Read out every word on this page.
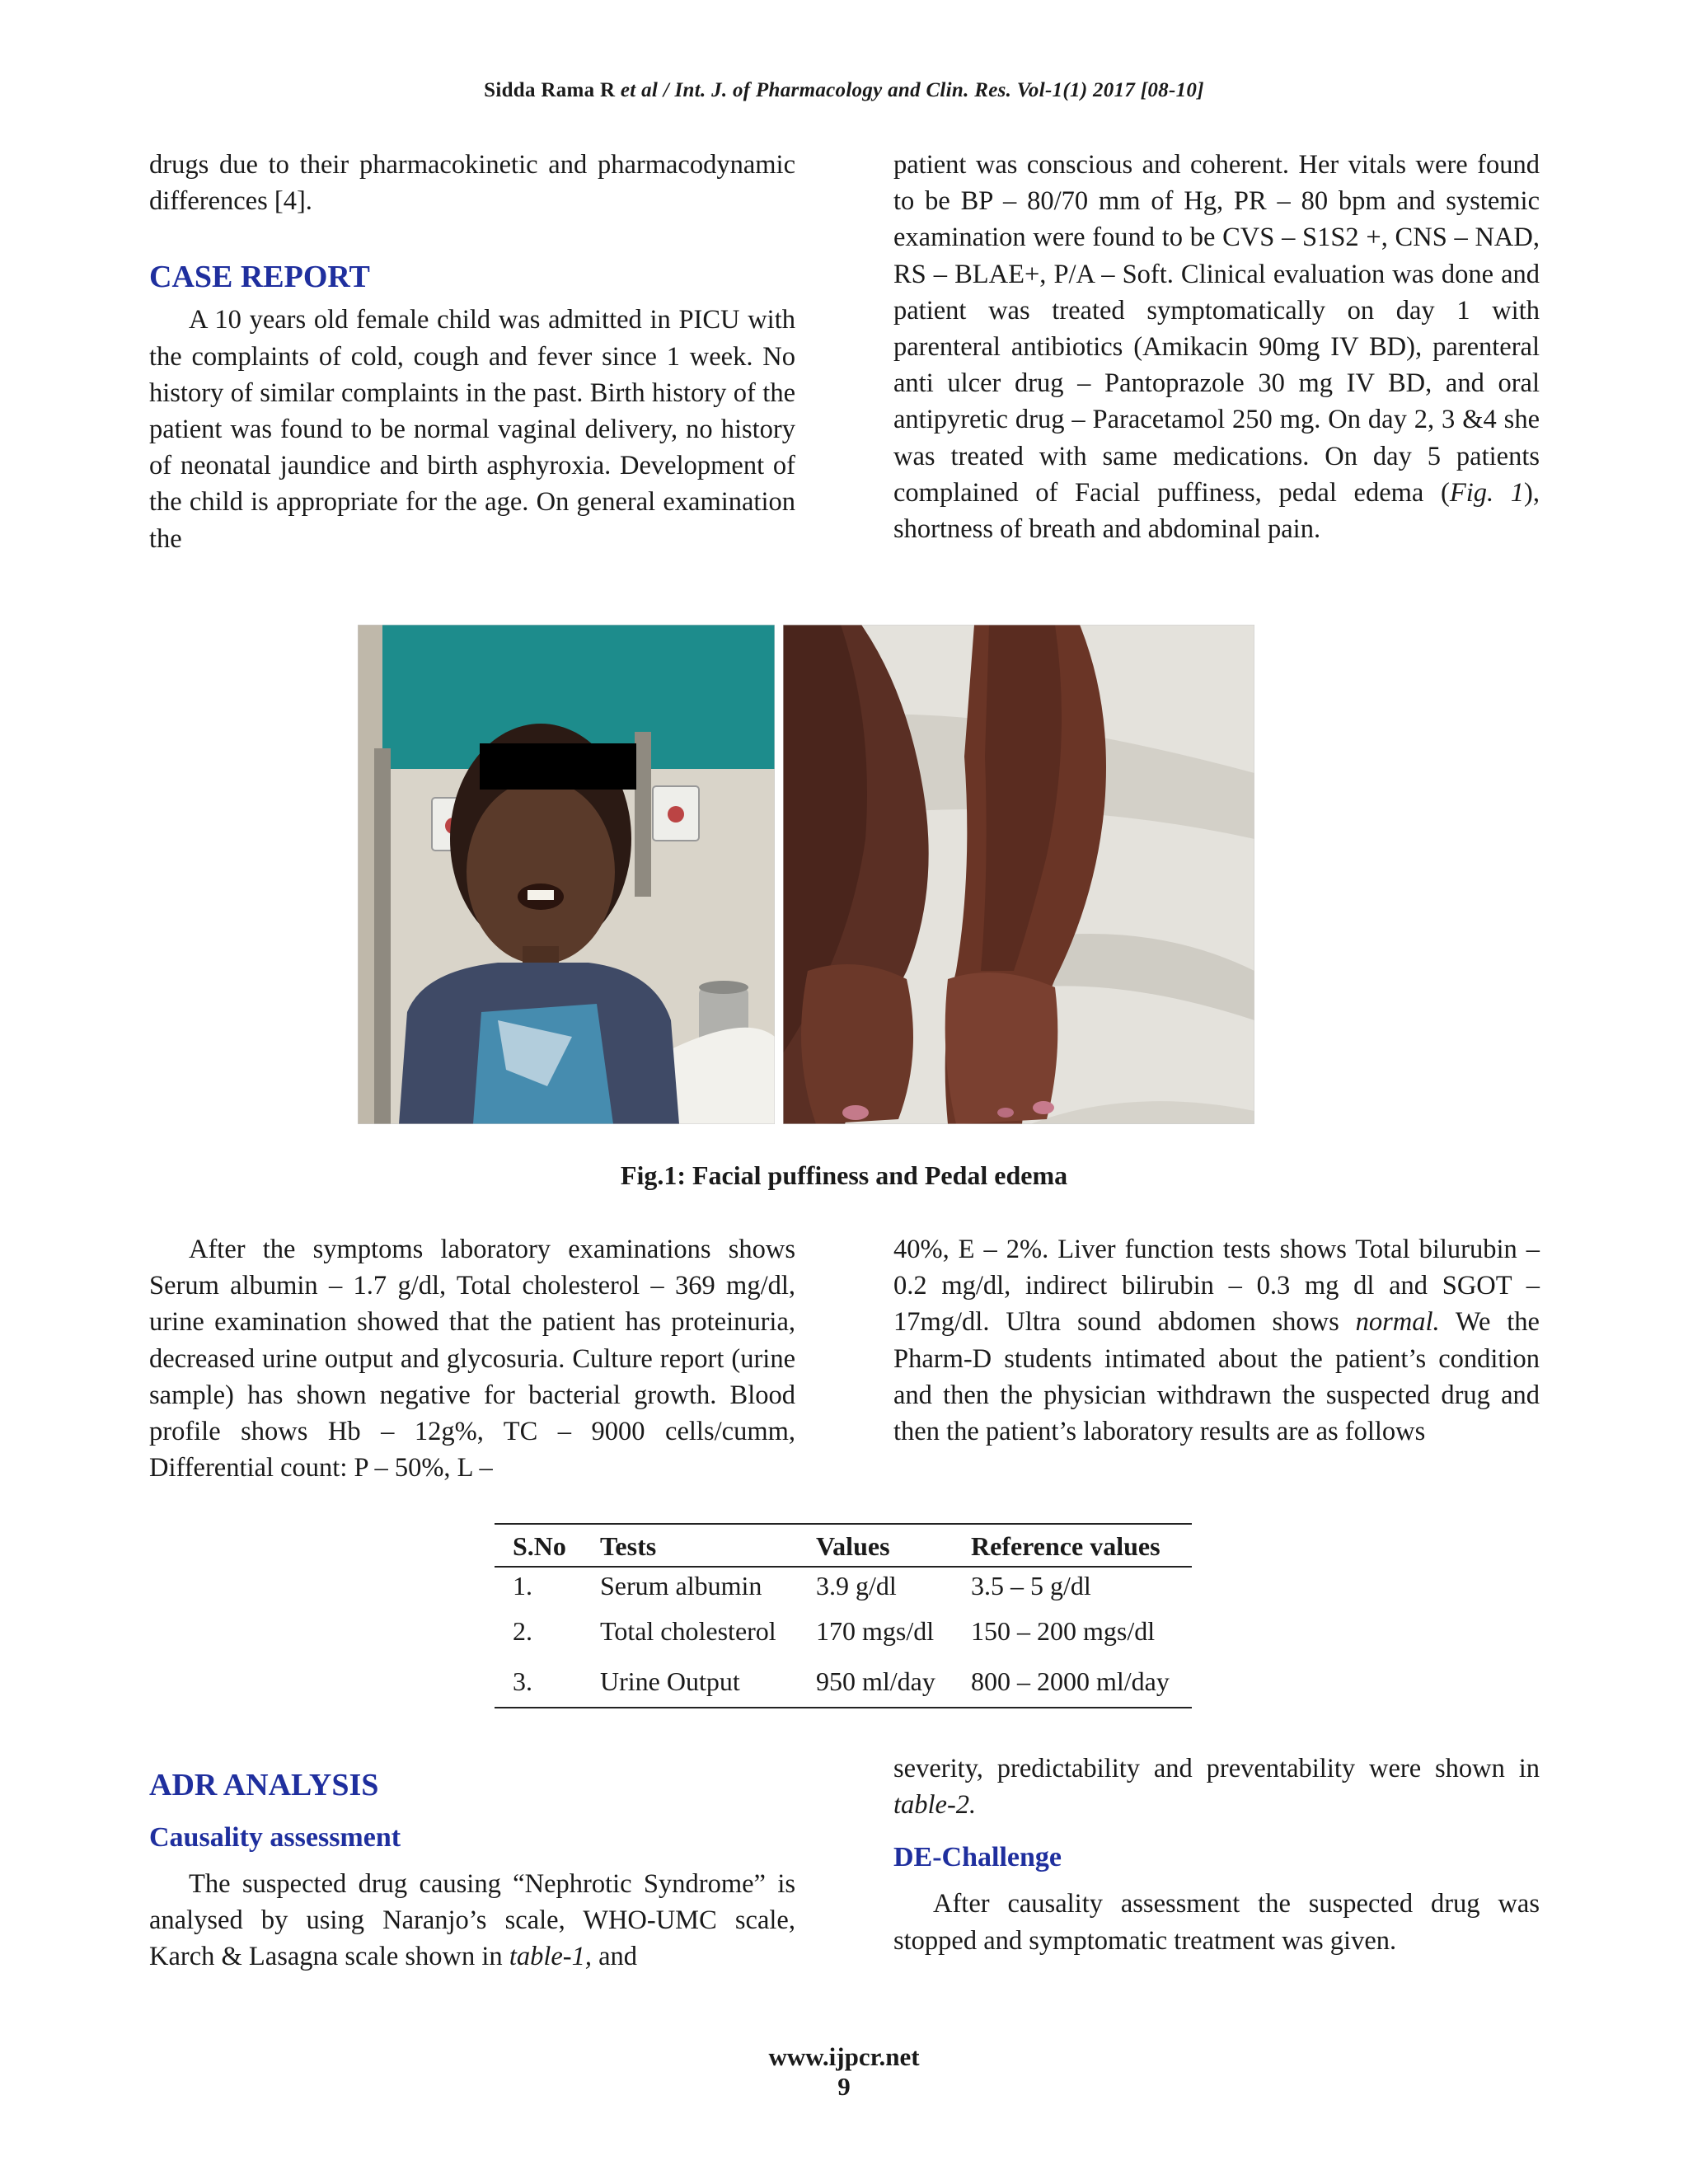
Sidda Rama R et al / Int. J. of Pharmacology and Clin. Res. Vol-1(1) 2017 [08-10]

drugs due to their pharmacokinetic and pharmacodynamic differences [4].

CASE REPORT

A 10 years old female child was admitted in PICU with the complaints of cold, cough and fever since 1 week. No history of similar complaints in the past. Birth history of the patient was found to be normal vaginal delivery, no history of neonatal jaundice and birth asphyroxia. Development of the child is appropriate for the age. On general examination the

patient was conscious and coherent. Her vitals were found to be BP – 80/70 mm of Hg, PR – 80 bpm and systemic examination were found to be CVS – S1S2 +, CNS – NAD, RS – BLAE+, P/A – Soft. Clinical evaluation was done and patient was treated symptomatically on day 1 with parenteral antibiotics (Amikacin 90mg IV BD), parenteral anti ulcer drug – Pantoprazole 30 mg IV BD, and oral antipyretic drug – Paracetamol 250 mg. On day 2, 3 &4 she was treated with same medications. On day 5 patients complained of Facial puffiness, pedal edema (Fig. 1), shortness of breath and abdominal pain.

Fig.1: Facial puffiness and Pedal edema

After the symptoms laboratory examinations shows Serum albumin – 1.7 g/dl, Total cholesterol – 369 mg/dl, urine examination showed that the patient has proteinuria, decreased urine output and glycosuria. Culture report (urine sample) has shown negative for bacterial growth. Blood profile shows Hb – 12g%, TC – 9000 cells/cumm, Differential count: P – 50%, L –

40%, E – 2%. Liver function tests shows Total bilurubin – 0.2 mg/dl, indirect bilirubin – 0.3 mg dl and SGOT – 17mg/dl. Ultra sound abdomen shows normal. We the Pharm-D students intimated about the patient’s condition and then the physician withdrawn the suspected drug and then the patient’s laboratory results are as follows

S.No	Tests	Values	Reference values
1.	Serum albumin	3.9 g/dl	3.5 – 5 g/dl
2.	Total cholesterol	170 mgs/dl	150 – 200 mgs/dl
3.	Urine Output	950 ml/day	800 – 2000 ml/day
ADR ANALYSIS
Causality assessment

The suspected drug causing “Nephrotic Syndrome” is analysed by using Naranjo’s scale, WHO-UMC scale, Karch & Lasagna scale shown in table-1, and

severity, predictability and preventability were shown in table-2.

DE-Challenge

After causality assessment the suspected drug was stopped and symptomatic treatment was given.

www.ijpcr.net
9
